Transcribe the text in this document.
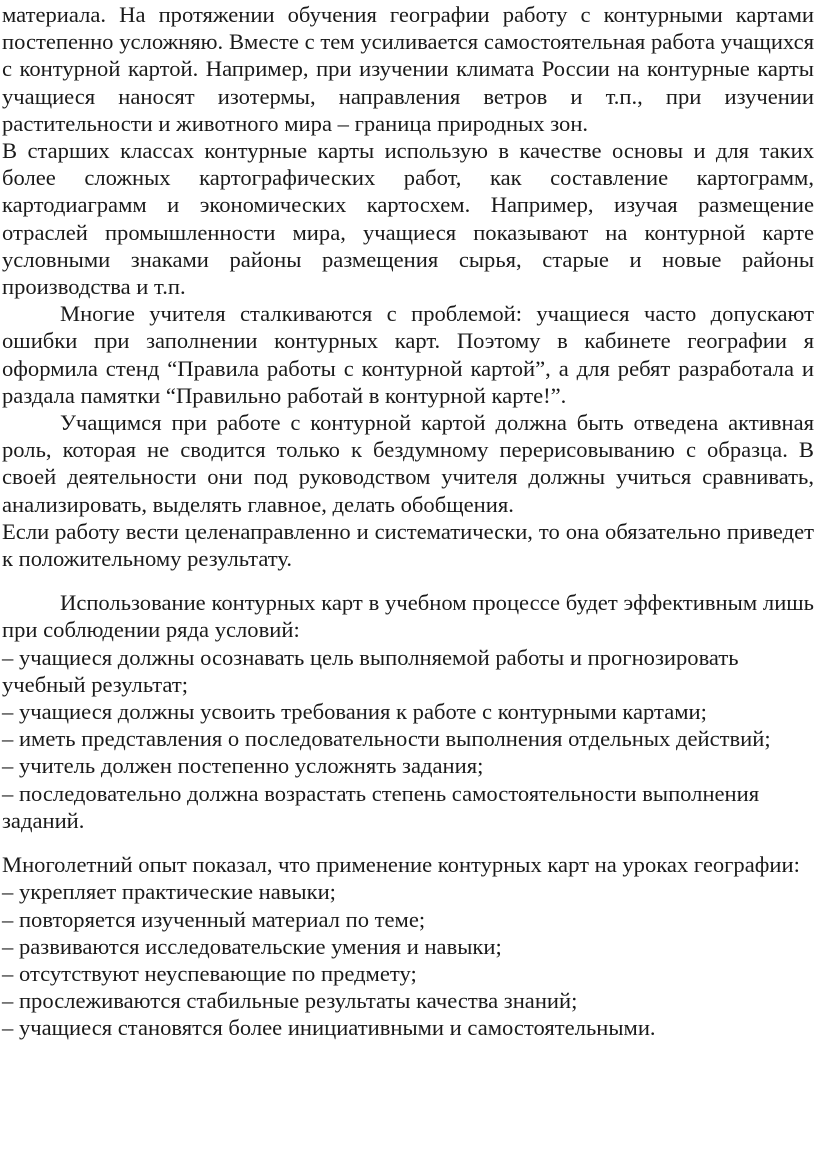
материала. На протяжении обучения географии работу с контурными картами постепенно усложняю. Вместе с тем усиливается самостоятельная работа учащихся с контурной картой. Например, при изучении климата России на контурные карты учащиеся наносят изотермы, направления ветров и т.п., при изучении растительности и животного мира – граница природных зон.

В старших классах контурные карты использую в качестве основы и для таких более сложных картографических работ, как составление картограмм, картодиаграмм и экономических картосхем. Например, изучая размещение отраслей промышленности мира, учащиеся показывают на контурной карте условными знаками районы размещения сырья, старые и новые районы производства и т.п.

Многие учителя сталкиваются с проблемой: учащиеся часто допускают ошибки при заполнении контурных карт. Поэтому в кабинете географии я оформила стенд “Правила работы с контурной картой”, а для ребят разработала и раздала памятки “Правильно работай в контурной карте!”.

Учащимся при работе с контурной картой должна быть отведена активная роль, которая не сводится только к бездумному перерисовыванию с образца. В своей деятельности они под руководством учителя должны учиться сравнивать, анализировать, выделять главное, делать обобщения.

Если работу вести целенаправленно и систематически, то она обязательно приведет к положительному результату.

Использование контурных карт в учебном процессе будет эффективным лишь при соблюдении ряда условий:

– учащиеся должны осознавать цель выполняемой работы и прогнозировать учебный результат;
– учащиеся должны усвоить требования к работе с контурными картами;
– иметь представления о последовательности выполнения отдельных действий;
– учитель должен постепенно усложнять задания;
– последовательно должна возрастать степень самостоятельности выполнения заданий.

Многолетний опыт показал, что применение контурных карт на уроках географии:

– укрепляет практические навыки;
– повторяется изученный материал по теме;
– развиваются исследовательские умения и навыки;
– отсутствуют неуспевающие по предмету;
– прослеживаются стабильные результаты качества знаний;
– учащиеся становятся более инициативными и самостоятельными.
